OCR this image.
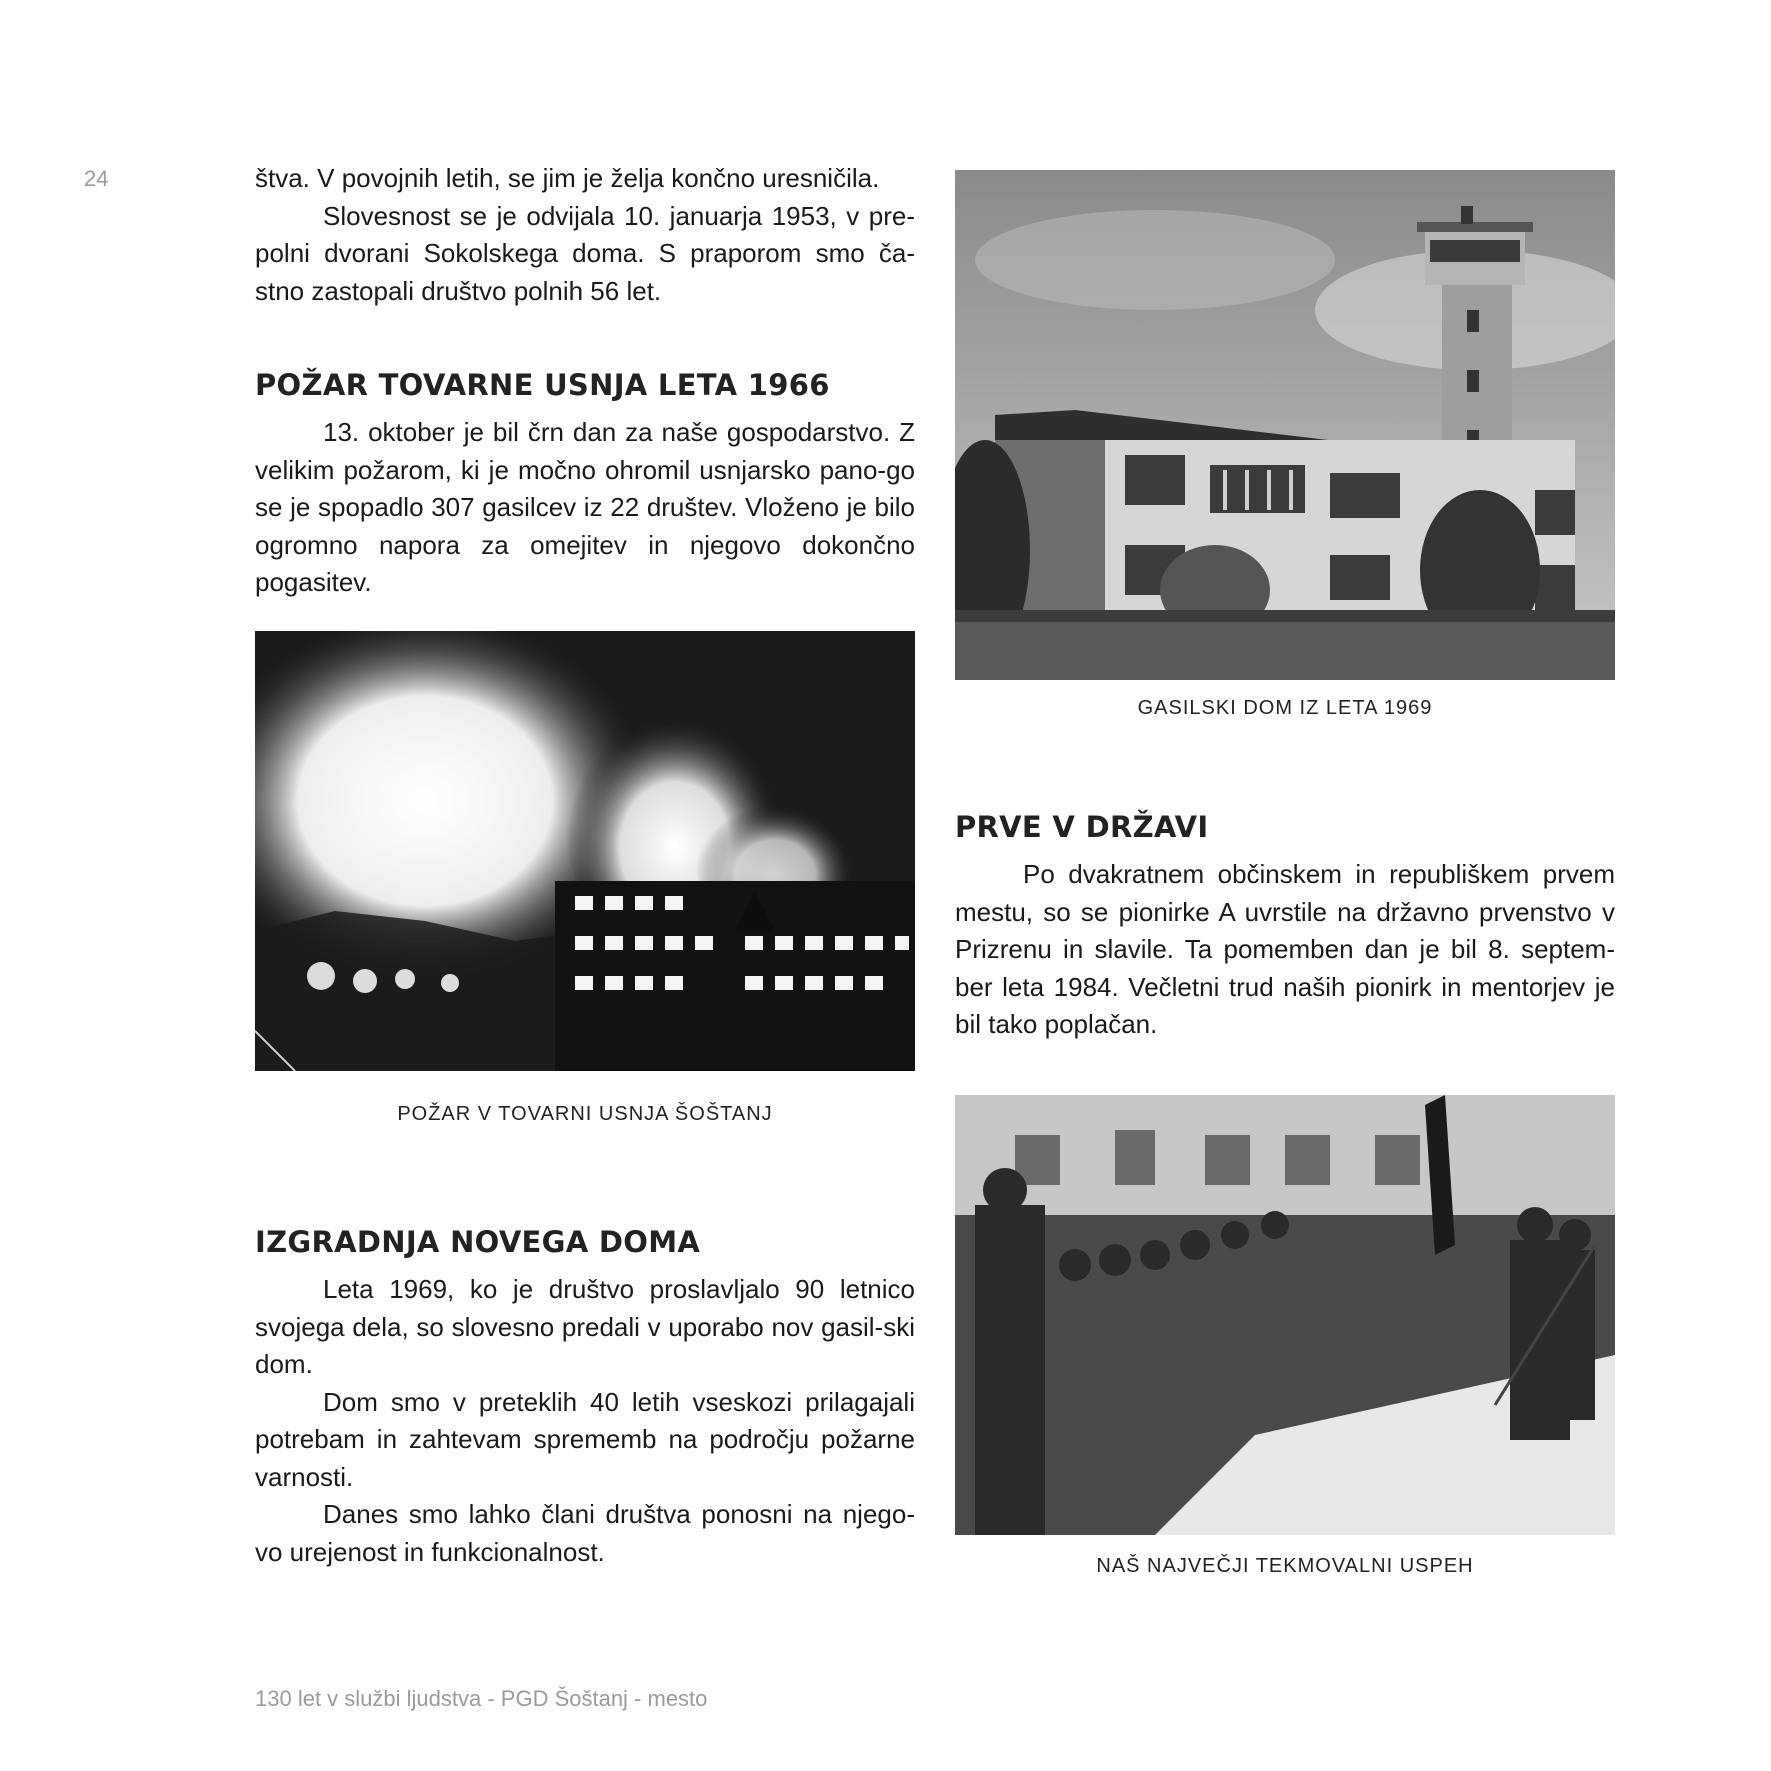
24	štva. V povojnih letih, se jim je želja končno uresničila.

Slovesnost se je odvijala 10. januarja 1953, v pre-polni dvorani Sokolskega doma. S praporom smo ča-stno zastopali društvo polnih 56 let.

POŽAR TOVARNE USNJA LETA 1966

13. oktober je bil črn dan za naše gospodarstvo. Z velikim požarom, ki je močno ohromil usnjarsko pano-go se je spopadlo 307 gasilcev iz 22 društev. Vloženo je bilo ogromno napora za omejitev in njegovo dokončno pogasitev.

POŽAR V TOVARNI USNJA ŠOŠTANJ
IZGRADNJA NOVEGA DOMA

Leta 1969, ko je društvo proslavljalo 90 letnico svojega dela, so slovesno predali v uporabo nov gasil-ski dom.

Dom smo v preteklih 40 letih vseskozi prilagajali potrebam in zahtevam sprememb na področju požarne varnosti.

Danes smo lahko člani društva ponosni na njego-vo urejenost in funkcionalnost.

GASILSKI DOM IZ LETA 1969
PRVE V DRŽAVI

Po dvakratnem občinskem in republiškem prvem mestu, so se pionirke A uvrstile na državno prvenstvo v Prizrenu in slavile. Ta pomemben dan je bil 8. septem-ber leta 1984. Večletni trud naših pionirk in mentorjev je bil tako poplačan.

NAŠ NAJVEČJI TEKMOVALNI USPEH
130 let v službi ljudstva - PGD Šoštanj - mesto
